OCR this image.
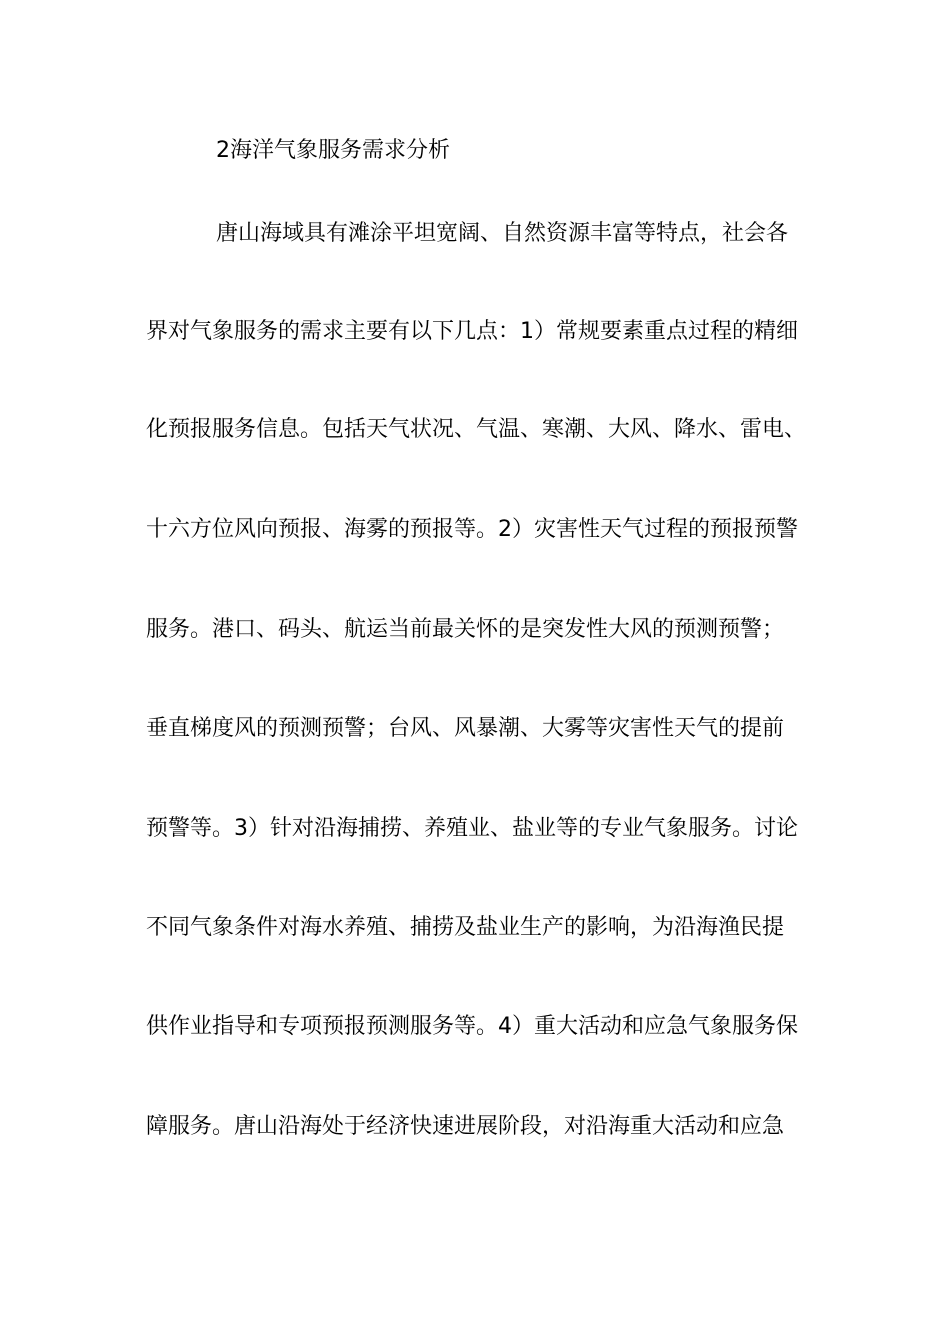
2海洋气象服务需求分析
唐山海域具有滩涂平坦宽阔、自然资源丰富等特点，社会各
界对气象服务的需求主要有以下几点：1）常规要素重点过程的精细
化预报服务信息。包括天气状况、气温、寒潮、大风、降水、雷电、
十六方位风向预报、海雾的预报等。2）灾害性天气过程的预报预警
服务。港口、码头、航运当前最关怀的是突发性大风的预测预警；
垂直梯度风的预测预警；台风、风暴潮、大雾等灾害性天气的提前
预警等。3）针对沿海捕捞、养殖业、盐业等的专业气象服务。讨论
不同气象条件对海水养殖、捕捞及盐业生产的影响，为沿海渔民提
供作业指导和专项预报预测服务等。4）重大活动和应急气象服务保
障服务。唐山沿海处于经济快速进展阶段，对沿海重大活动和应急
